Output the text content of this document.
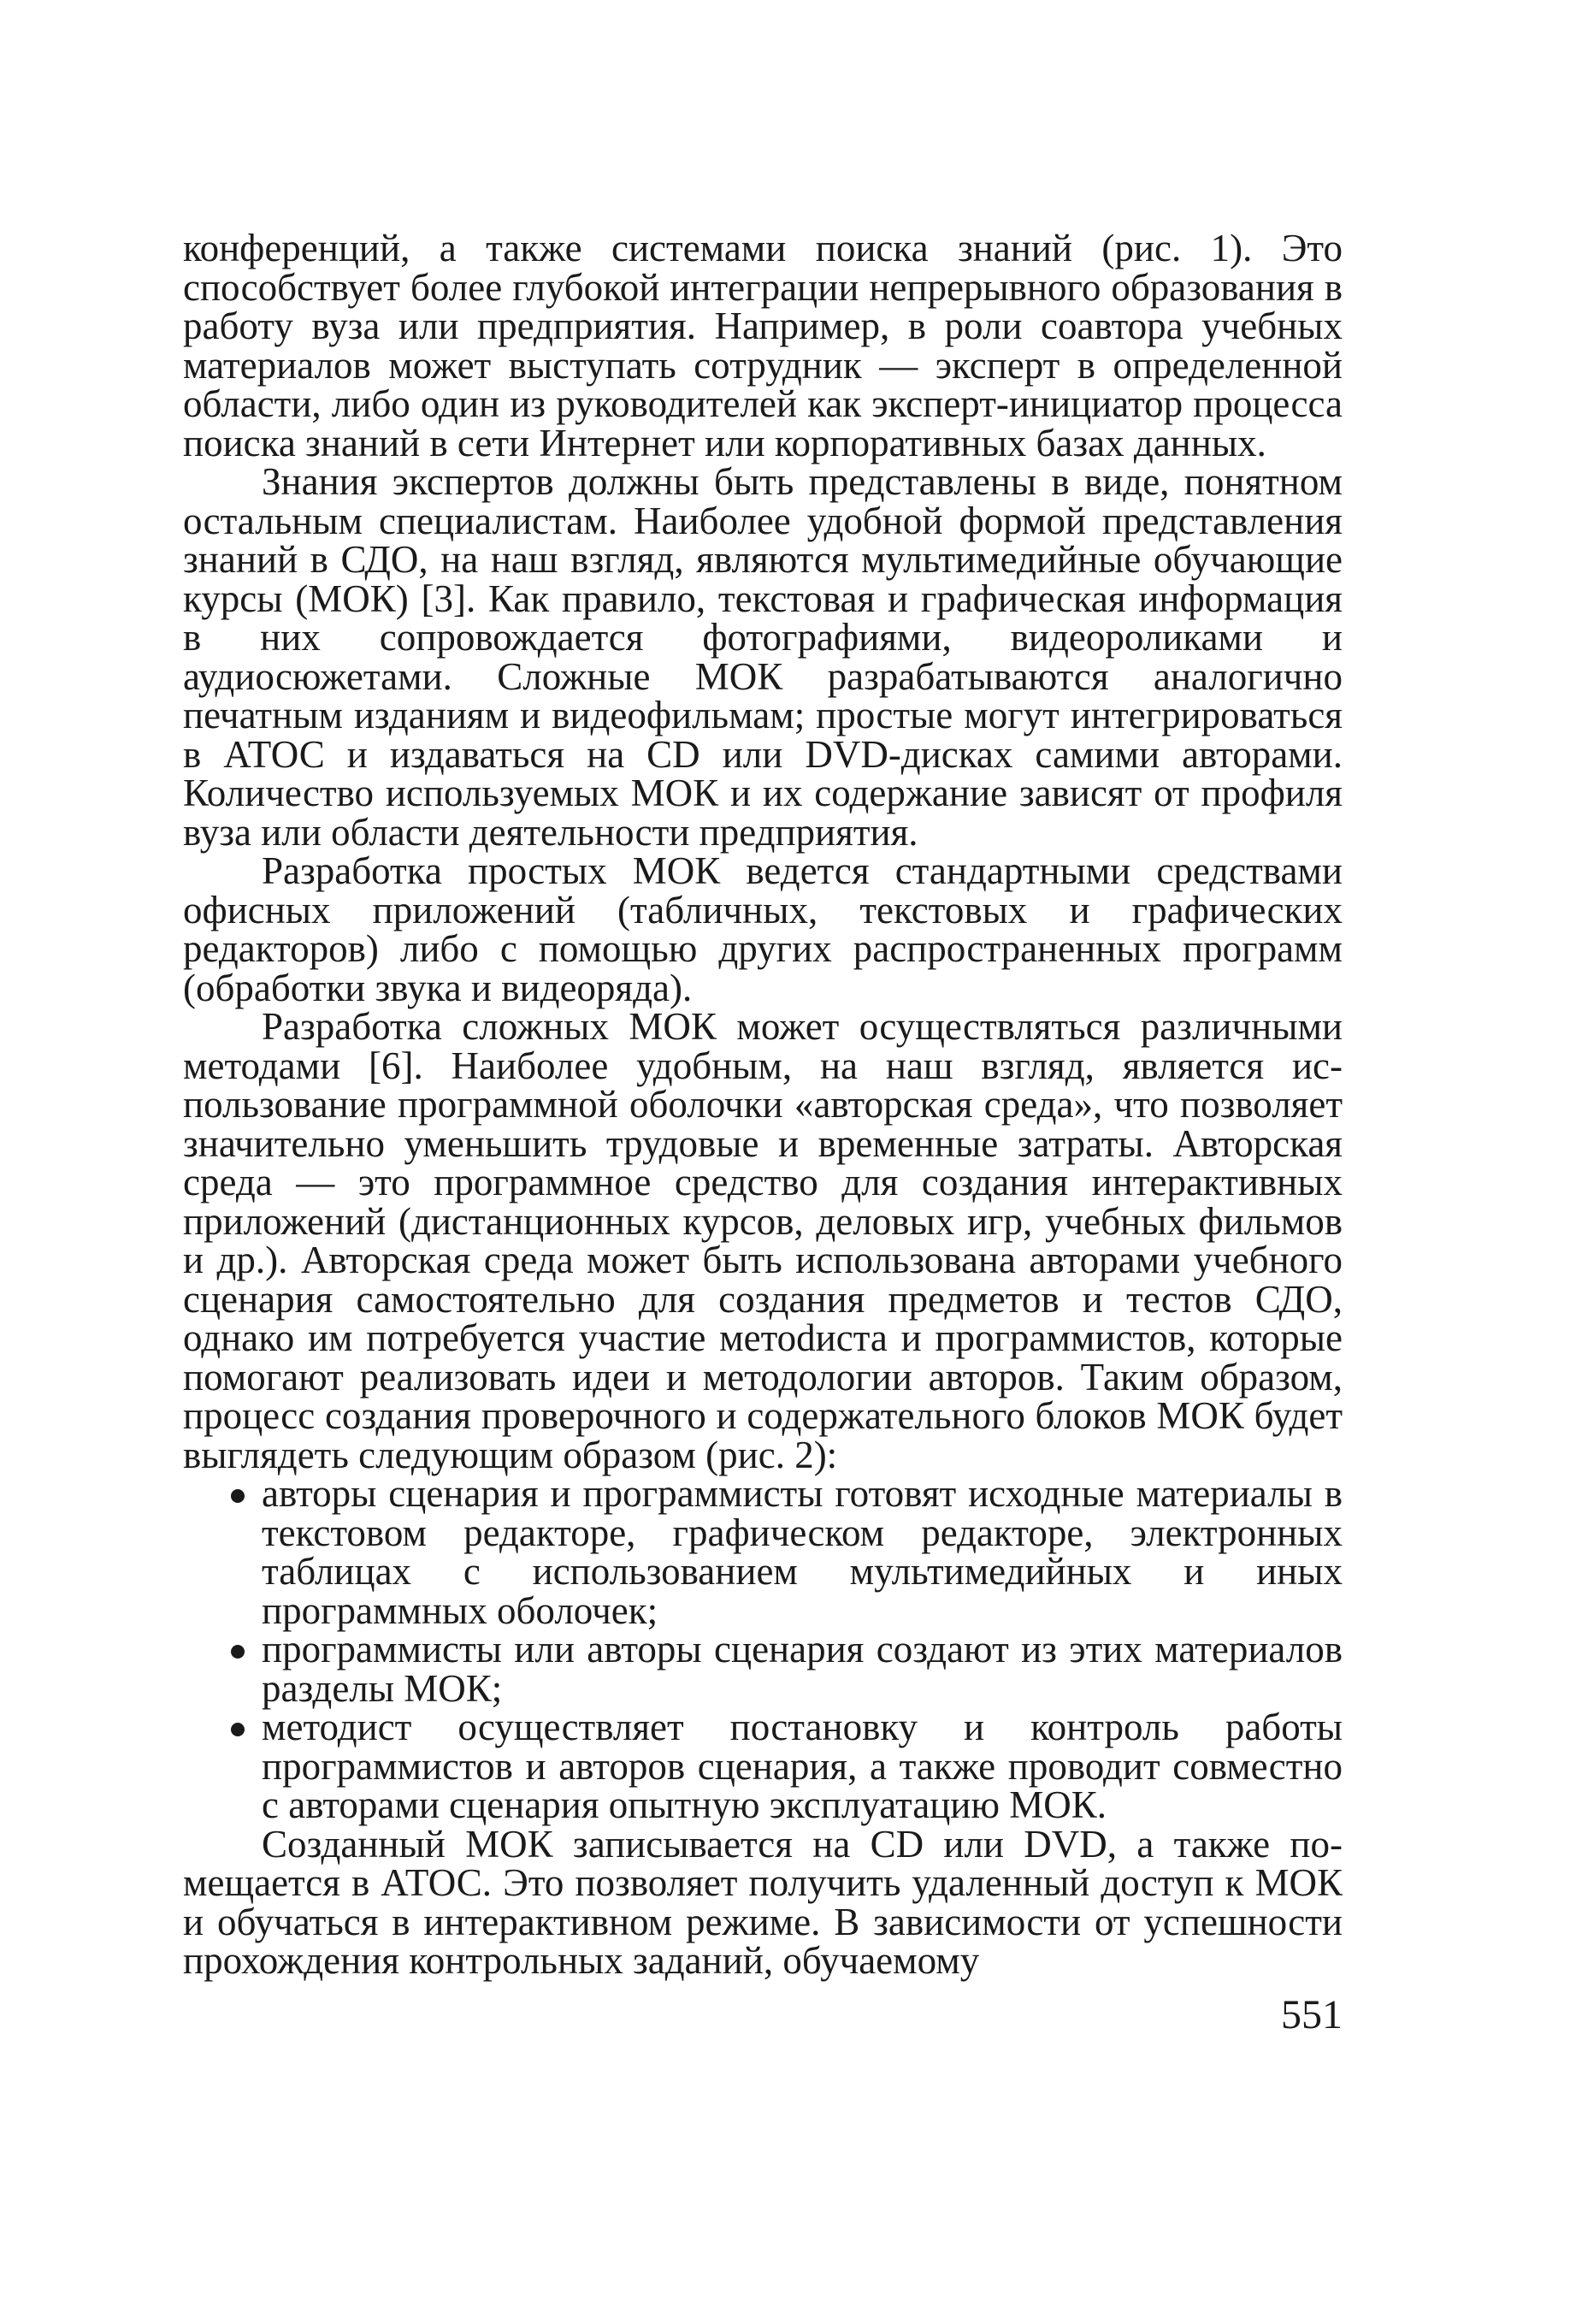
конференций, а также системами поиска знаний (рис. 1). Это способствует более глубокой интеграции непрерывного образования в работу вуза или предприятия. Например, в роли соавтора учебных материалов может выступать сотрудник — эксперт в определенной области, либо один из руководителей как эксперт-инициатор процесса поиска знаний в сети Интернет или корпоративных базах данных.

Знания экспертов должны быть представлены в виде, понятном остальным специалистам. Наиболее удобной формой представления знаний в СДО, на наш взгляд, являются мультимедийные обучающие курсы (МОК) [3]. Как правило, текстовая и графическая информация в них сопровождается фотографиями, видеороликами и аудиосюжетами. Сложные МОК разрабатываются аналогично печатным изданиям и видеофильмам; простые могут интегрироваться в АТОС и издаваться на CD или DVD-дисках самими авторами. Количество используемых МОК и их содержание зависят от профиля вуза или области деятельности предприятия.

Разработка простых МОК ведется стандартными средствами офисных приложений (табличных, текстовых и графических редакторов) либо с помощью других распространенных программ (обработки звука и видеоряда).

Разработка сложных МОК может осуществляться различными методами [6]. Наиболее удобным, на наш взгляд, является использование программной оболочки «авторская среда», что позволяет значительно уменьшить трудовые и временные затраты. Авторская среда — это программное средство для создания интерактивных приложений (дистанционных курсов, деловых игр, учебных фильмов и др.). Авторская среда может быть использована авторами учебного сценария самостоятельно для создания предметов и тестов СДО, однако им потребуется участие метоdиста и программистов, которые помогают реализовать идеи и методологии авторов. Таким образом, процесс создания проверочного и содержательного блоков МОК будет выглядеть следующим образом (рис. 2):

авторы сценария и программисты готовят исходные материалы в текстовом редакторе, графическом редакторе, электронных таблицах с использованием мультимедийных и иных программных оболочек;
программисты или авторы сценария создают из этих материалов разделы МОК;
методист осуществляет постановку и контроль работы программистов и авторов сценария, а также проводит совместно с авторами сценария опытную эксплуатацию МОК.

Созданный МОК записывается на CD или DVD, а также помещается в АТОС. Это позволяет получить удаленный доступ к МОК и обучаться в интерактивном режиме. В зависимости от успешности прохождения контрольных заданий, обучаемому

551
